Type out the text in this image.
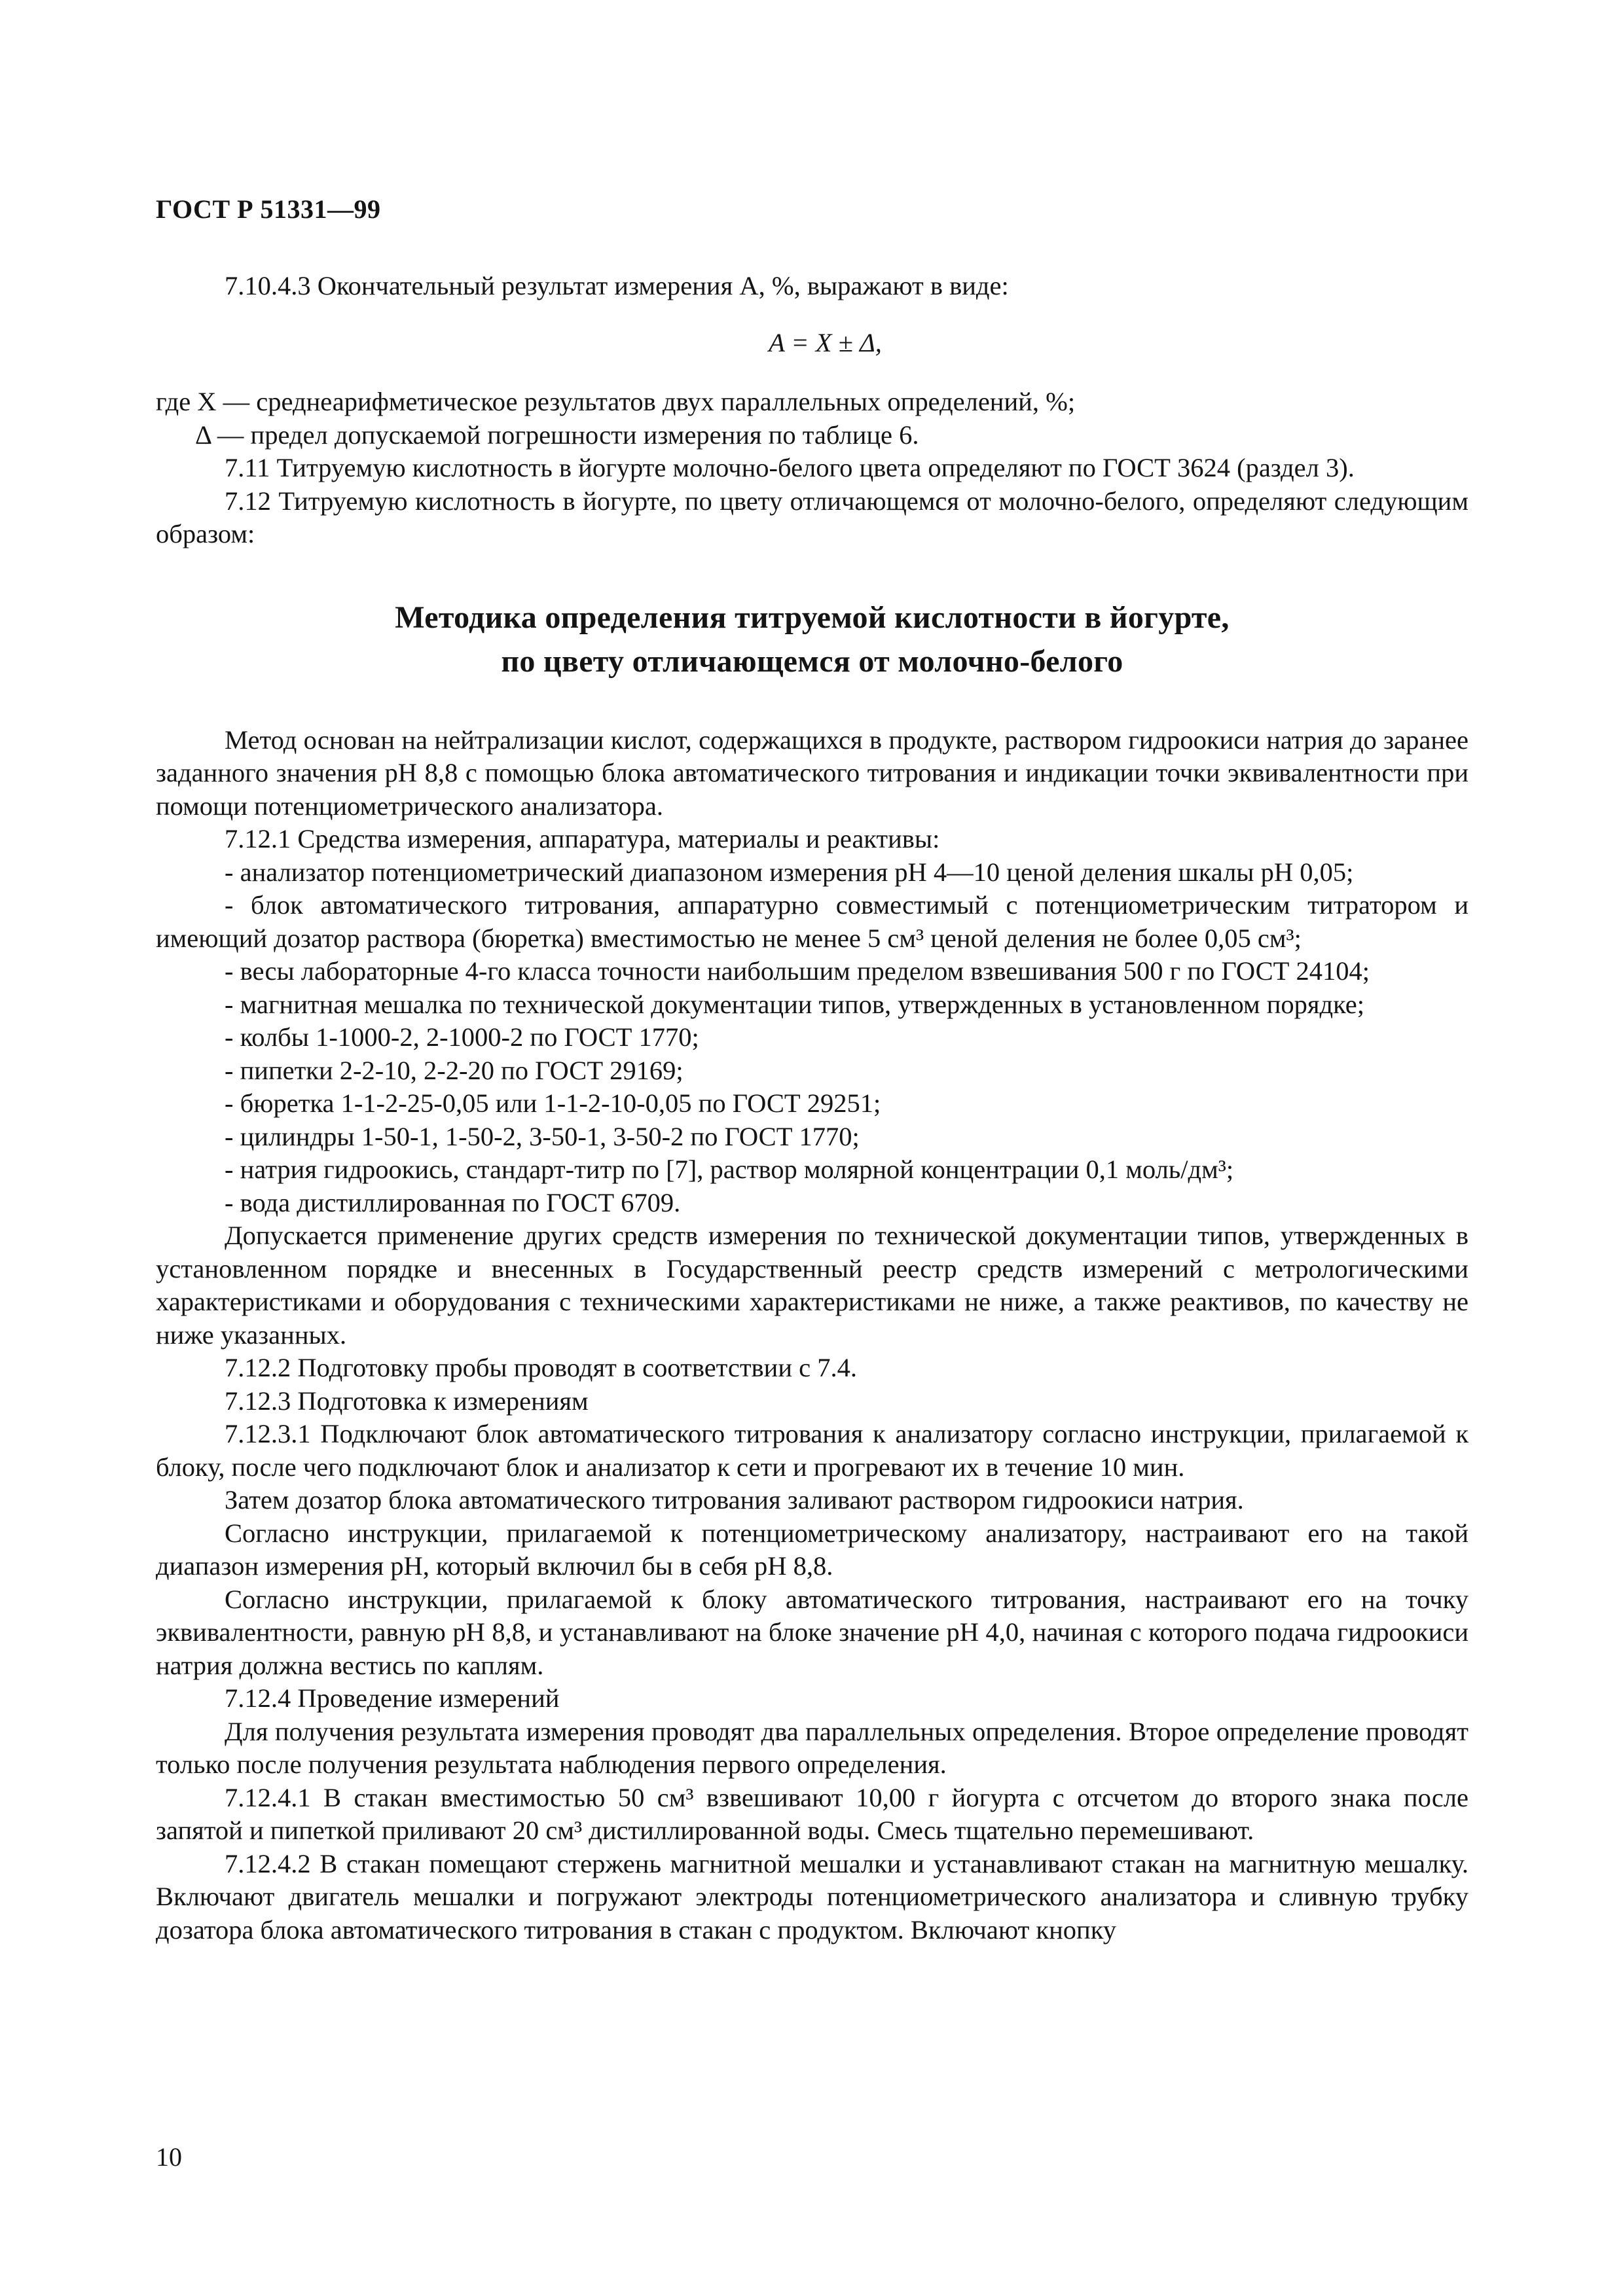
ГОСТ Р 51331—99

7.10.4.3 Окончательный результат измерения A, %, выражают в виде:

A = X ± Δ,

где X — среднеарифметическое результатов двух параллельных определений, %;

Δ — предел допускаемой погрешности измерения по таблице 6.

7.11 Титруемую кислотность в йогурте молочно-белого цвета определяют по ГОСТ 3624 (раздел 3).

7.12 Титруемую кислотность в йогурте, по цвету отличающемся от молочно-белого, определяют следующим образом:

Методика определения титруемой кислотности в йогурте,
по цвету отличающемся от молочно-белого

Метод основан на нейтрализации кислот, содержащихся в продукте, раствором гидроокиси натрия до заранее заданного значения pH 8,8 с помощью блока автоматического титрования и индикации точки эквивалентности при помощи потенциометрического анализатора.

7.12.1 Средства измерения, аппаратура, материалы и реактивы:

- анализатор потенциометрический диапазоном измерения pH 4—10 ценой деления шкалы pH 0,05;

- блок автоматического титрования, аппаратурно совместимый с потенциометрическим титратором и имеющий дозатор раствора (бюретка) вместимостью не менее 5 см³ ценой деления не более 0,05 см³;

- весы лабораторные 4-го класса точности наибольшим пределом взвешивания 500 г по ГОСТ 24104;

- магнитная мешалка по технической документации типов, утвержденных в установленном порядке;

- колбы 1-1000-2, 2-1000-2 по ГОСТ 1770;

- пипетки 2-2-10, 2-2-20 по ГОСТ 29169;

- бюретка 1-1-2-25-0,05 или 1-1-2-10-0,05 по ГОСТ 29251;

- цилиндры 1-50-1, 1-50-2, 3-50-1, 3-50-2 по ГОСТ 1770;

- натрия гидроокись, стандарт-титр по [7], раствор молярной концентрации 0,1 моль/дм³;

- вода дистиллированная по ГОСТ 6709.

Допускается применение других средств измерения по технической документации типов, утвержденных в установленном порядке и внесенных в Государственный реестр средств измерений с метрологическими характеристиками и оборудования с техническими характеристиками не ниже, а также реактивов, по качеству не ниже указанных.

7.12.2 Подготовку пробы проводят в соответствии с 7.4.

7.12.3 Подготовка к измерениям

7.12.3.1 Подключают блок автоматического титрования к анализатору согласно инструкции, прилагаемой к блоку, после чего подключают блок и анализатор к сети и прогревают их в течение 10 мин.

Затем дозатор блока автоматического титрования заливают раствором гидроокиси натрия.

Согласно инструкции, прилагаемой к потенциометрическому анализатору, настраивают его на такой диапазон измерения pH, который включил бы в себя pH 8,8.

Согласно инструкции, прилагаемой к блоку автоматического титрования, настраивают его на точку эквивалентности, равную pH 8,8, и устанавливают на блоке значение pH 4,0, начиная с которого подача гидроокиси натрия должна вестись по каплям.

7.12.4 Проведение измерений

Для получения результата измерения проводят два параллельных определения. Второе определение проводят только после получения результата наблюдения первого определения.

7.12.4.1 В стакан вместимостью 50 см³ взвешивают 10,00 г йогурта с отсчетом до второго знака после запятой и пипеткой приливают 20 см³ дистиллированной воды. Смесь тщательно перемешивают.

7.12.4.2 В стакан помещают стержень магнитной мешалки и устанавливают стакан на магнитную мешалку. Включают двигатель мешалки и погружают электроды потенциометрического анализатора и сливную трубку дозатора блока автоматического титрования в стакан с продуктом. Включают кнопку

10
